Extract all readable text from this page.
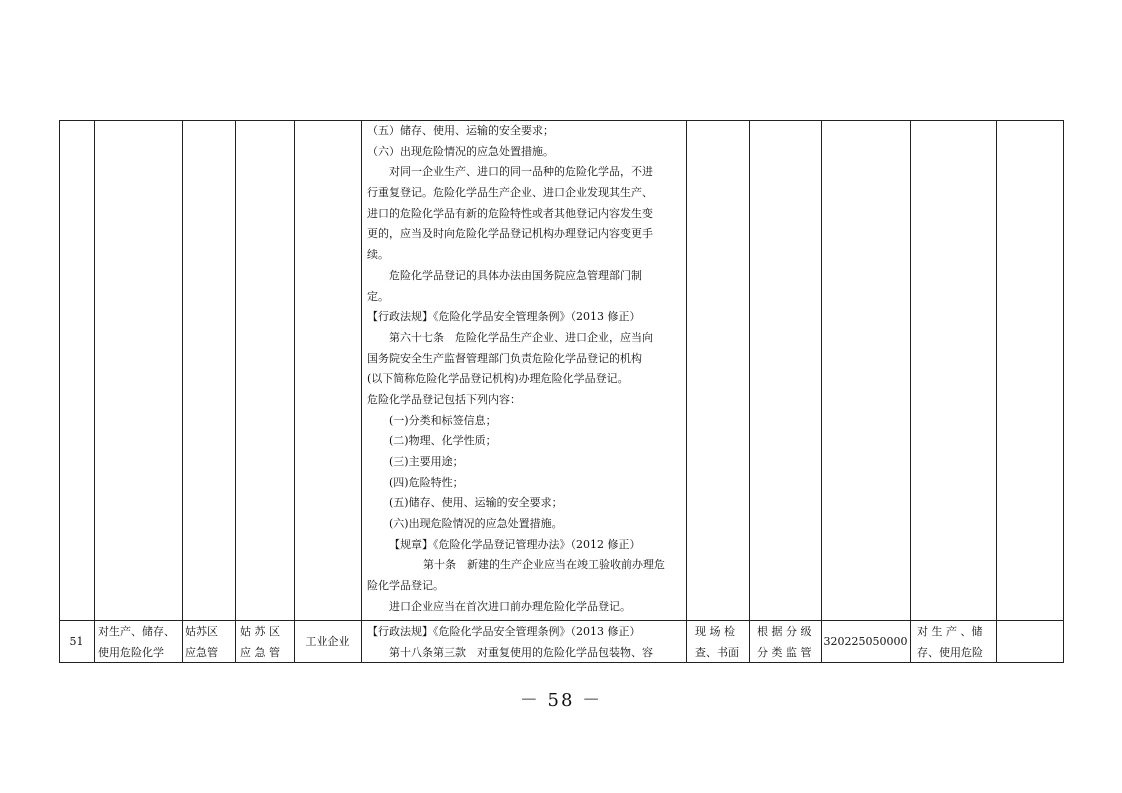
（五）储存、使用、运输的安全要求；
（六）出现危险情况的应急处置措施。
对同一企业生产、进口的同一品种的危险化学品，不进
行重复登记。危险化学品生产企业、进口企业发现其生产、
进口的危险化学品有新的危险特性或者其他登记内容发生变
更的，应当及时向危险化学品登记机构办理登记内容变更手
续。
危险化学品登记的具体办法由国务院应急管理部门制
定。
【行政法规】《危险化学品安全管理条例》（2013 修正）
第六十七条　危险化学品生产企业、进口企业，应当向
国务院安全生产监督管理部门负责危险化学品登记的机构
(以下简称危险化学品登记机构)办理危险化学品登记。
危险化学品登记包括下列内容：
(一)分类和标签信息；
(二)物理、化学性质；
(三)主要用途；
(四)危险特性；
(五)储存、使用、运输的安全要求；
(六)出现危险情况的应急处置措施。
【规章】《危险化学品登记管理办法》（2012 修正）
第十条　新建的生产企业应当在竣工验收前办理危
险化学品登记。
进口企业应当在首次进口前办理危险化学品登记。
51
对生产、储存、
使用危险化学
姑苏区
应急管
姑 苏 区
应 急 管
工业企业
【行政法规】《危险化学品安全管理条例》（2013 修正）
第十八条第三款　对重复使用的危险化学品包装物、容
现 场 检
查、书面
根 据 分 级
分 类 监 管
320225050000
对 生 产 、储
存、使用危险
－ 58 －
